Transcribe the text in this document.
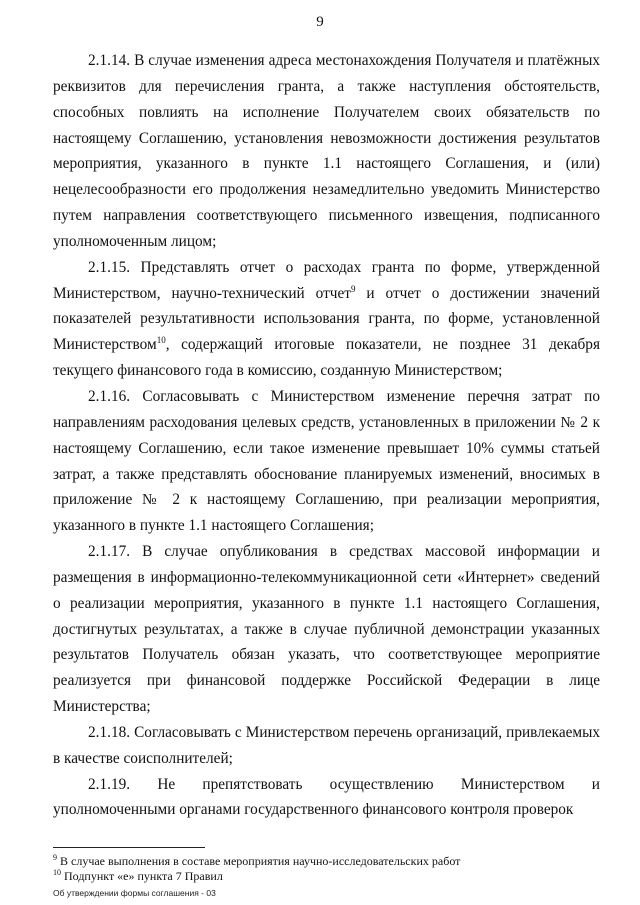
9

2.1.14. В случае изменения адреса местонахождения Получателя и платёжных реквизитов для перечисления гранта, а также наступления обстоятельств, способных повлиять на исполнение Получателем своих обязательств по настоящему Соглашению, установления невозможности достижения результатов мероприятия, указанного в пункте 1.1 настоящего Соглашения, и (или) нецелесообразности его продолжения незамедлительно уведомить Министерство путем направления соответствующего письменного извещения, подписанного уполномоченным лицом;

2.1.15. Представлять отчет о расходах гранта по форме, утвержденной Министерством, научно-технический отчет$^9$ и отчет о достижении значений показателей результативности использования гранта, по форме, установленной Министерством$^{10}$, содержащий итоговые показатели, не позднее 31 декабря текущего финансового года в комиссию, созданную Министерством;

2.1.16. Согласовывать с Министерством изменение перечня затрат по направлениям расходования целевых средств, установленных в приложении № 2 к настоящему Соглашению, если такое изменение превышает 10% суммы статьей затрат, а также представлять обоснование планируемых изменений, вносимых в приложение № 2 к настоящему Соглашению, при реализации мероприятия, указанного в пункте 1.1 настоящего Соглашения;

2.1.17. В случае опубликования в средствах массовой информации и размещения в информационно-телекоммуникационной сети «Интернет» сведений о реализации мероприятия, указанного в пункте 1.1 настоящего Соглашения, достигнутых результатах, а также в случае публичной демонстрации указанных результатов Получатель обязан указать, что соответствующее мероприятие реализуется при финансовой поддержке Российской Федерации в лице Министерства;

2.1.18. Согласовывать с Министерством перечень организаций, привлекаемых в качестве соисполнителей;

2.1.19. Не препятствовать осуществлению Министерством и уполномоченными органами государственного финансового контроля проверок

$^9$ В случае выполнения в составе мероприятия научно-исследовательских работ
$^{10}$ Подпункт «е» пункта 7 Правил
Об утверждении формы соглашения - 03
